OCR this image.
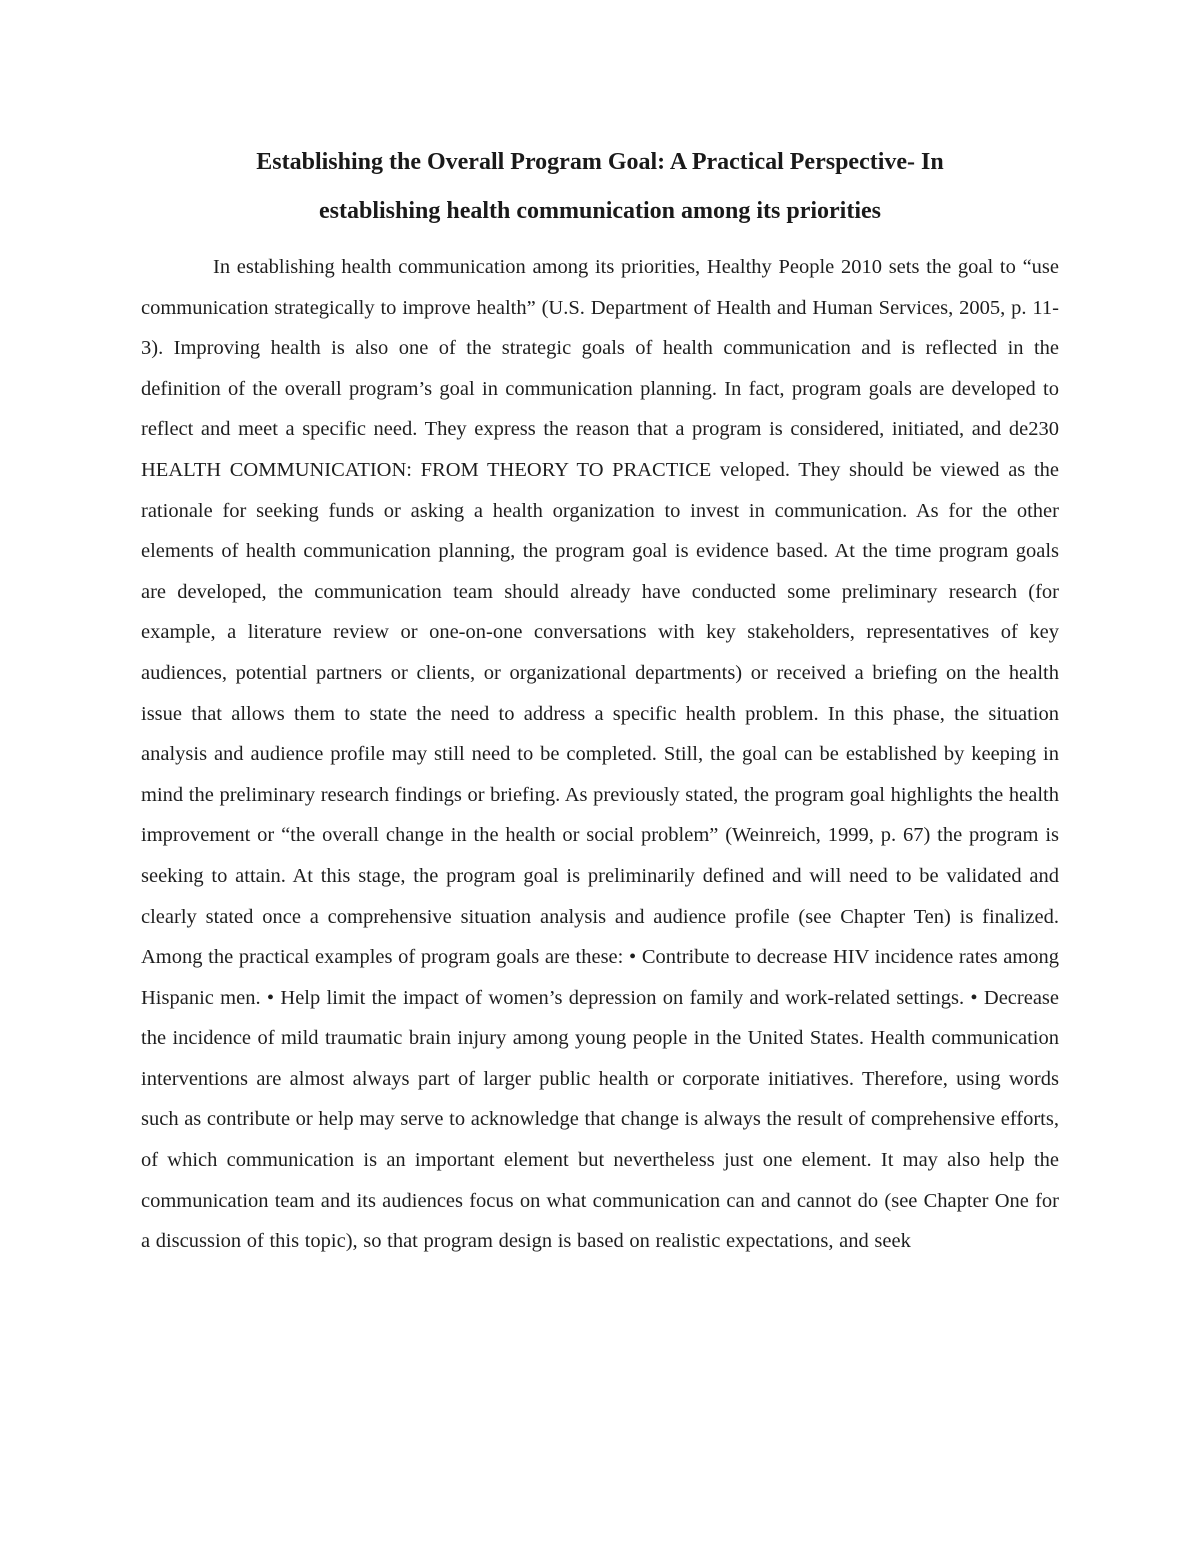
Establishing the Overall Program Goal: A Practical Perspective- In
establishing health communication among its priorities

In establishing health communication among its priorities, Healthy People 2010 sets the goal to “use communication strategically to improve health” (U.S. Department of Health and Human Services, 2005, p. 11-3). Improving health is also one of the strategic goals of health communication and is reflected in the definition of the overall program’s goal in communication planning. In fact, program goals are developed to reflect and meet a specific need. They express the reason that a program is considered, initiated, and de230 HEALTH COMMUNICATION: FROM THEORY TO PRACTICE veloped. They should be viewed as the rationale for seeking funds or asking a health organization to invest in communication. As for the other elements of health communication planning, the program goal is evidence based. At the time program goals are developed, the communication team should already have conducted some preliminary research (for example, a literature review or one-on-one conversations with key stakeholders, representatives of key audiences, potential partners or clients, or organizational departments) or received a briefing on the health issue that allows them to state the need to address a specific health problem. In this phase, the situation analysis and audience profile may still need to be completed. Still, the goal can be established by keeping in mind the preliminary research findings or briefing. As previously stated, the program goal highlights the health improvement or “the overall change in the health or social problem” (Weinreich, 1999, p. 67) the program is seeking to attain. At this stage, the program goal is preliminarily defined and will need to be validated and clearly stated once a comprehensive situation analysis and audience profile (see Chapter Ten) is finalized. Among the practical examples of program goals are these: • Contribute to decrease HIV incidence rates among Hispanic men. • Help limit the impact of women’s depression on family and work-related settings. • Decrease the incidence of mild traumatic brain injury among young people in the United States. Health communication interventions are almost always part of larger public health or corporate initiatives. Therefore, using words such as contribute or help may serve to acknowledge that change is always the result of comprehensive efforts, of which communication is an important element but nevertheless just one element. It may also help the communication team and its audiences focus on what communication can and cannot do (see Chapter One for a discussion of this topic), so that program design is based on realistic expectations, and seek
